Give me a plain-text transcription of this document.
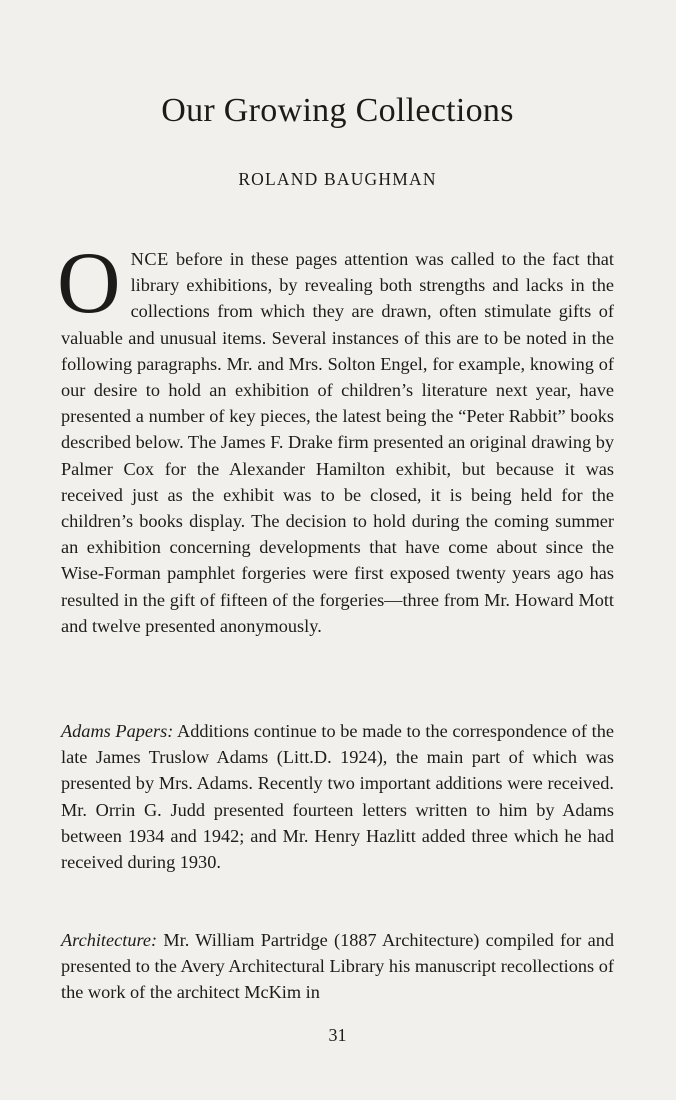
Our Growing Collections
ROLAND BAUGHMAN

ONCE before in these pages attention was called to the fact that library exhibitions, by revealing both strengths and lacks in the collections from which they are drawn, often stimulate gifts of valuable and unusual items. Several instances of this are to be noted in the following paragraphs. Mr. and Mrs. Solton Engel, for example, knowing of our desire to hold an exhibition of children’s literature next year, have presented a number of key pieces, the latest being the “Peter Rabbit” books described below. The James F. Drake firm presented an original drawing by Palmer Cox for the Alexander Hamilton exhibit, but because it was received just as the exhibit was to be closed, it is being held for the children’s books display. The decision to hold during the coming summer an exhibition concerning developments that have come about since the Wise-Forman pamphlet forgeries were first exposed twenty years ago has resulted in the gift of fifteen of the forgeries—three from Mr. Howard Mott and twelve presented anonymously.

Adams Papers: Additions continue to be made to the correspondence of the late James Truslow Adams (Litt.D. 1924), the main part of which was presented by Mrs. Adams. Recently two important additions were received. Mr. Orrin G. Judd presented fourteen letters written to him by Adams between 1934 and 1942; and Mr. Henry Hazlitt added three which he had received during 1930.

Architecture: Mr. William Partridge (1887 Architecture) compiled for and presented to the Avery Architectural Library his manuscript recollections of the work of the architect McKim in

31
